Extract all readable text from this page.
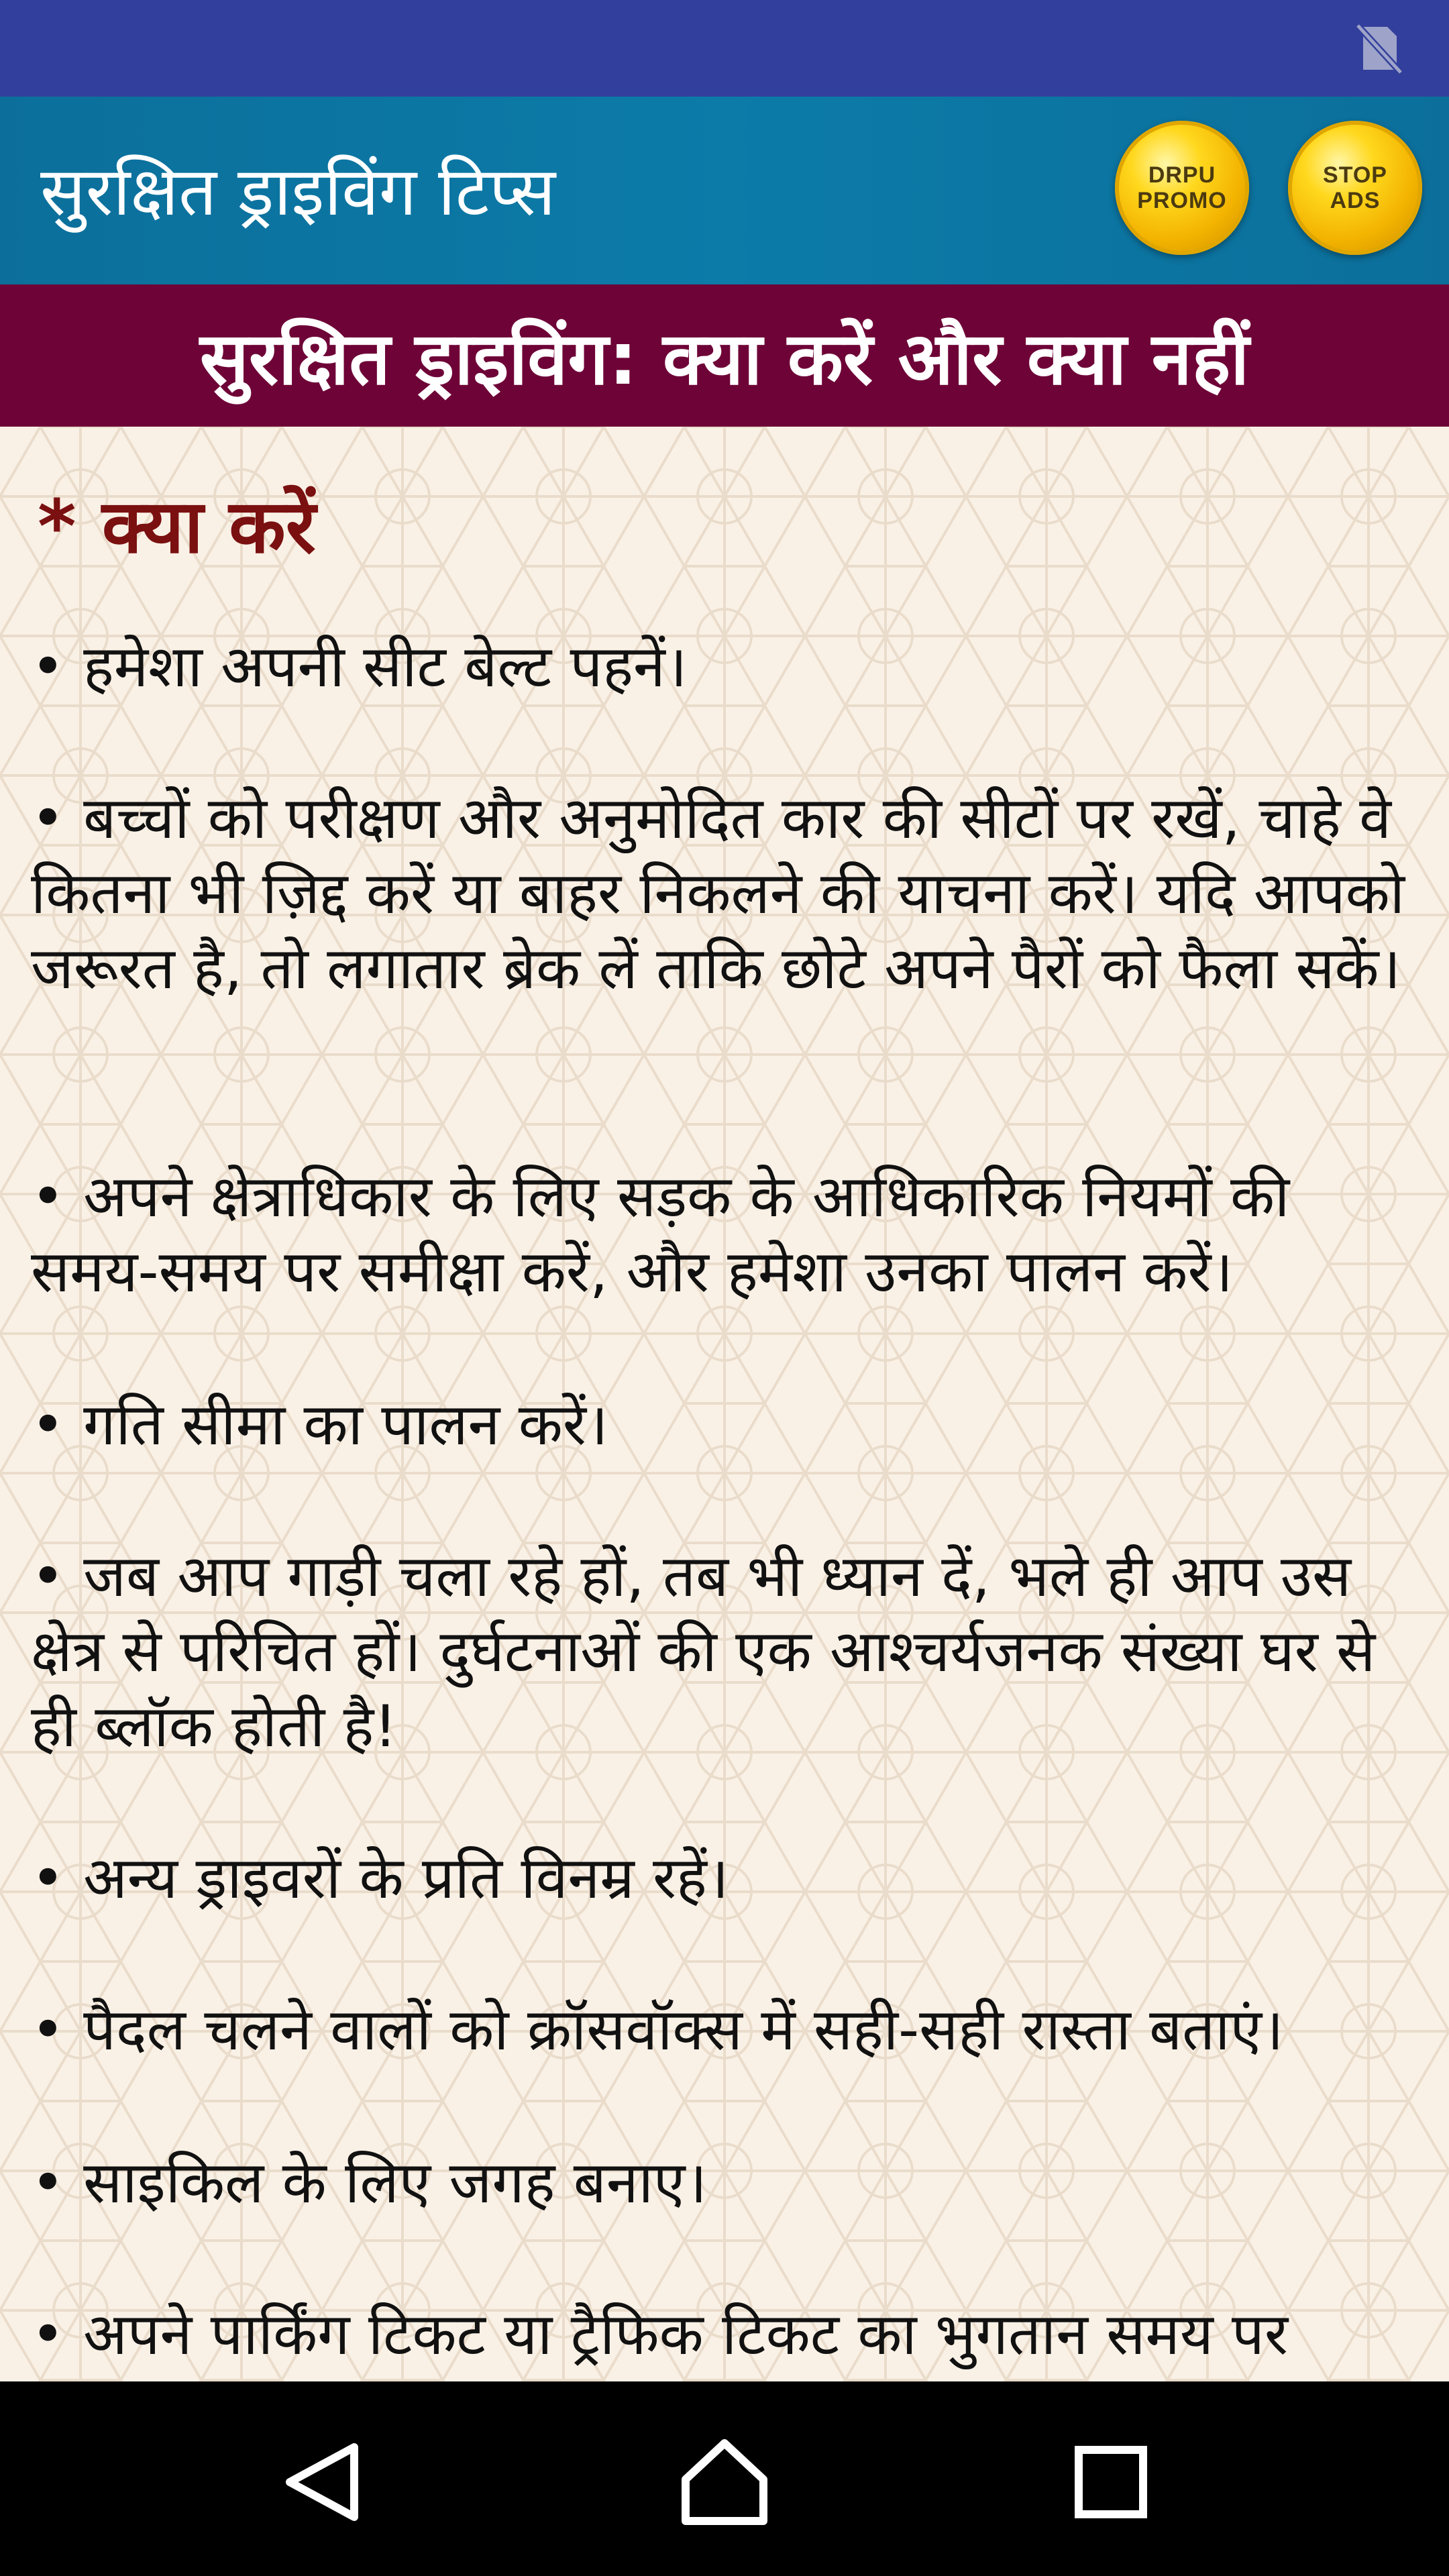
सुरक्षित ड्राइविंग टिप्स	DRPU PROMO
STOP ADS
सुरक्षित ड्राइविंग: क्या करें और क्या नहीं
* क्या करें
• हमेशा अपनी सीट बेल्ट पहनें।
• बच्चों को परीक्षण और अनुमोदित कार की सीटों पर रखें, चाहे वे कितना भी ज़िद्द करें या बाहर निकलने की याचना करें। यदि आपको जरूरत है, तो लगातार ब्रेक लें ताकि छोटे अपने पैरों को फैला सकें।
• अपने क्षेत्राधिकार के लिए सड़क के आधिकारिक नियमों की समय-समय पर समीक्षा करें, और हमेशा उनका पालन करें।
• गति सीमा का पालन करें।
• जब आप गाड़ी चला रहे हों, तब भी ध्यान दें, भले ही आप उस क्षेत्र से परिचित हों। दुर्घटनाओं की एक आश्चर्यजनक संख्या घर से ही ब्लॉक होती है!
• अन्य ड्राइवरों के प्रति विनम्र रहें।
• पैदल चलने वालों को क्रॉसवॉक्स में सही-सही रास्ता बताएं।
• साइकिल के लिए जगह बनाए।
• अपने पार्किंग टिकट या ट्रैफिक टिकट का भुगतान समय पर
